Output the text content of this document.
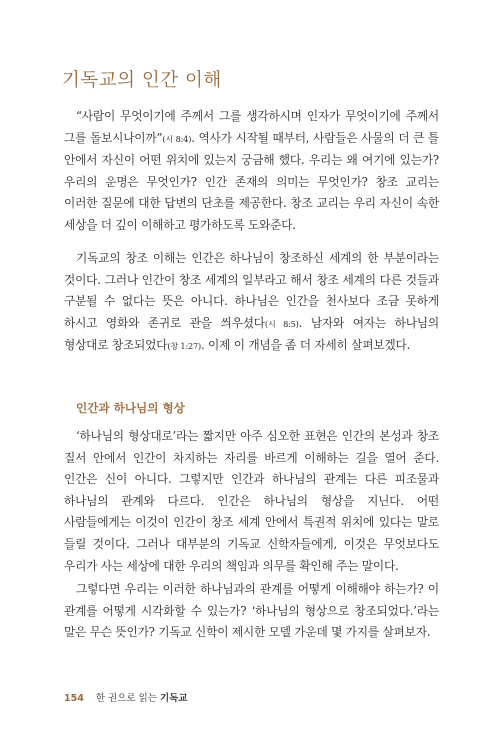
기독교의 인간 이해

“사람이 무엇이기에 주께서 그를 생각하시며 인자가 무엇이기에 주께서 그를 돌보시나이까”(시 8:4). 역사가 시작될 때부터, 사람들은 사물의 더 큰 틀 안에서 자신이 어떤 위치에 있는지 궁금해 했다. 우리는 왜 여기에 있는가? 우리의 운명은 무엇인가? 인간 존재의 의미는 무엇인가? 창조 교리는 이러한 질문에 대한 답변의 단초를 제공한다. 창조 교리는 우리 자신이 속한 세상을 더 깊이 이해하고 평가하도록 도와준다.

기독교의 창조 이해는 인간은 하나님이 창조하신 세계의 한 부분이라는 것이다. 그러나 인간이 창조 세계의 일부라고 해서 창조 세계의 다른 것들과 구분될 수 없다는 뜻은 아니다. 하나님은 인간을 천사보다 조금 못하게 하시고 영화와 존귀로 관을 씌우셨다(시 8:5). 남자와 여자는 하나님의 형상대로 창조되었다(창 1:27). 이제 이 개념을 좀 더 자세히 살펴보겠다.

인간과 하나님의 형상

‘하나님의 형상대로’라는 짧지만 아주 심오한 표현은 인간의 본성과 창조 질서 안에서 인간이 차지하는 자리를 바르게 이해하는 길을 열어 준다. 인간은 신이 아니다. 그렇지만 인간과 하나님의 관계는 다른 피조물과 하나님의 관계와 다르다. 인간은 하나님의 형상을 지닌다. 어떤 사람들에게는 이것이 인간이 창조 세계 안에서 특권적 위치에 있다는 말로 들릴 것이다. 그러나 대부분의 기독교 신학자들에게, 이것은 무엇보다도 우리가 사는 세상에 대한 우리의 책임과 의무를 확인해 주는 말이다.

그렇다면 우리는 이러한 하나님과의 관계를 어떻게 이해해야 하는가? 이 관계를 어떻게 시각화할 수 있는가? ‘하나님의 형상으로 창조되었다.’라는 말은 무슨 뜻인가? 기독교 신학이 제시한 모델 가운데 몇 가지를 살펴보자.

154 한 권으로 읽는 기독교
